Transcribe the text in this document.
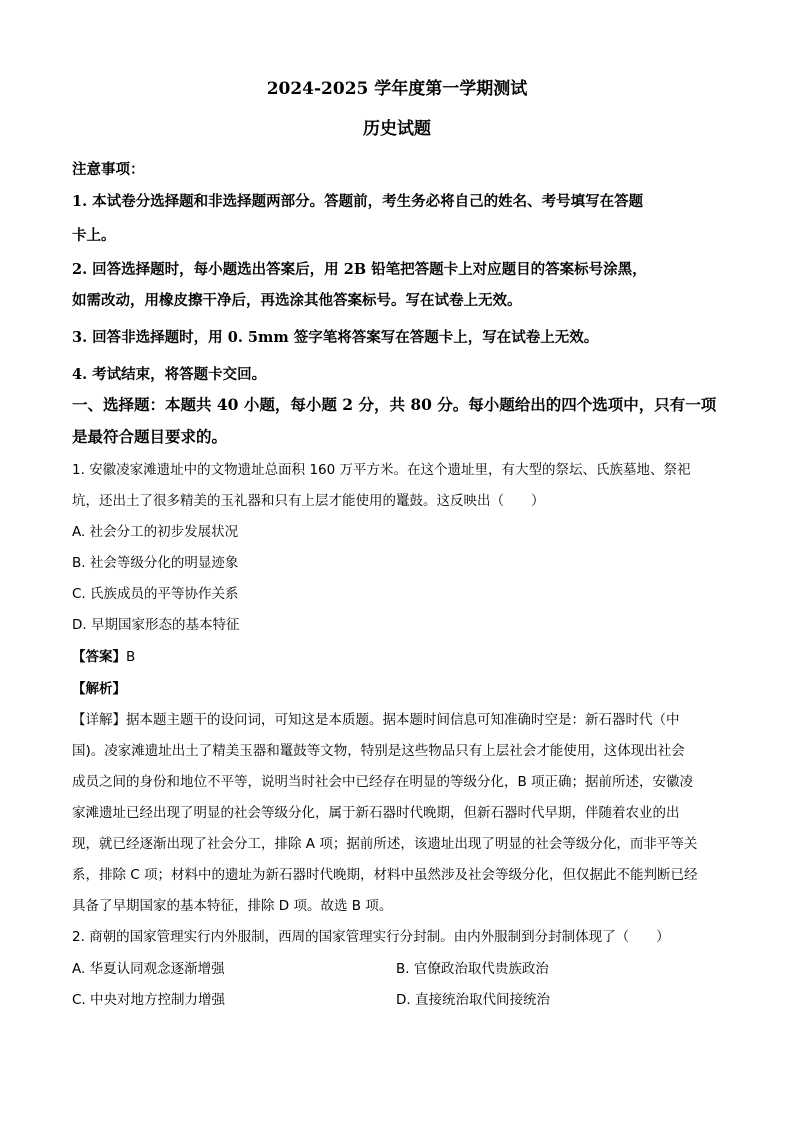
2024-2025 学年度第一学期测试
历史试题
注意事项：
1. 本试卷分选择题和非选择题两部分。答题前，考生务必将自己的姓名、考号填写在答题
卡上。
2. 回答选择题时，每小题选出答案后，用 2B 铅笔把答题卡上对应题目的答案标号涂黑，
如需改动，用橡皮擦干净后，再选涂其他答案标号。写在试卷上无效。
3. 回答非选择题时，用 0. 5mm 签字笔将答案写在答题卡上，写在试卷上无效。
4. 考试结束，将答题卡交回。
一、选择题：本题共 40 小题，每小题 2 分，共 80 分。每小题给出的四个选项中，只有一项
是最符合题目要求的。
1. 安徽凌家滩遗址中的文物遗址总面积 160 万平方米。在这个遗址里，有大型的祭坛、氏族墓地、祭祀
坑，还出土了很多精美的玉礼器和只有上层才能使用的鼍鼓。这反映出（　　）
A. 社会分工的初步发展状况
B. 社会等级分化的明显迹象
C. 氏族成员的平等协作关系
D. 早期国家形态的基本特征
【答案】B
【解析】
【详解】据本题主题干的设问词，可知这是本质题。据本题时间信息可知准确时空是：新石器时代（中
国)。凌家滩遗址出土了精美玉器和鼍鼓等文物，特别是这些物品只有上层社会才能使用，这体现出社会
成员之间的身份和地位不平等，说明当时社会中已经存在明显的等级分化，B 项正确；据前所述，安徽凌
家滩遗址已经出现了明显的社会等级分化，属于新石器时代晚期，但新石器时代早期，伴随着农业的出
现，就已经逐渐出现了社会分工，排除 A 项；据前所述，该遗址出现了明显的社会等级分化，而非平等关
系，排除 C 项；材料中的遗址为新石器时代晚期，材料中虽然涉及社会等级分化，但仅据此不能判断已经
具备了早期国家的基本特征，排除 D 项。故选 B 项。
2. 商朝的国家管理实行内外服制，西周的国家管理实行分封制。由内外服制到分封制体现了（　　）
A. 华夏认同观念逐渐增强	B. 官僚政治取代贵族政治
C. 中央对地方控制力增强	D. 直接统治取代间接统治
